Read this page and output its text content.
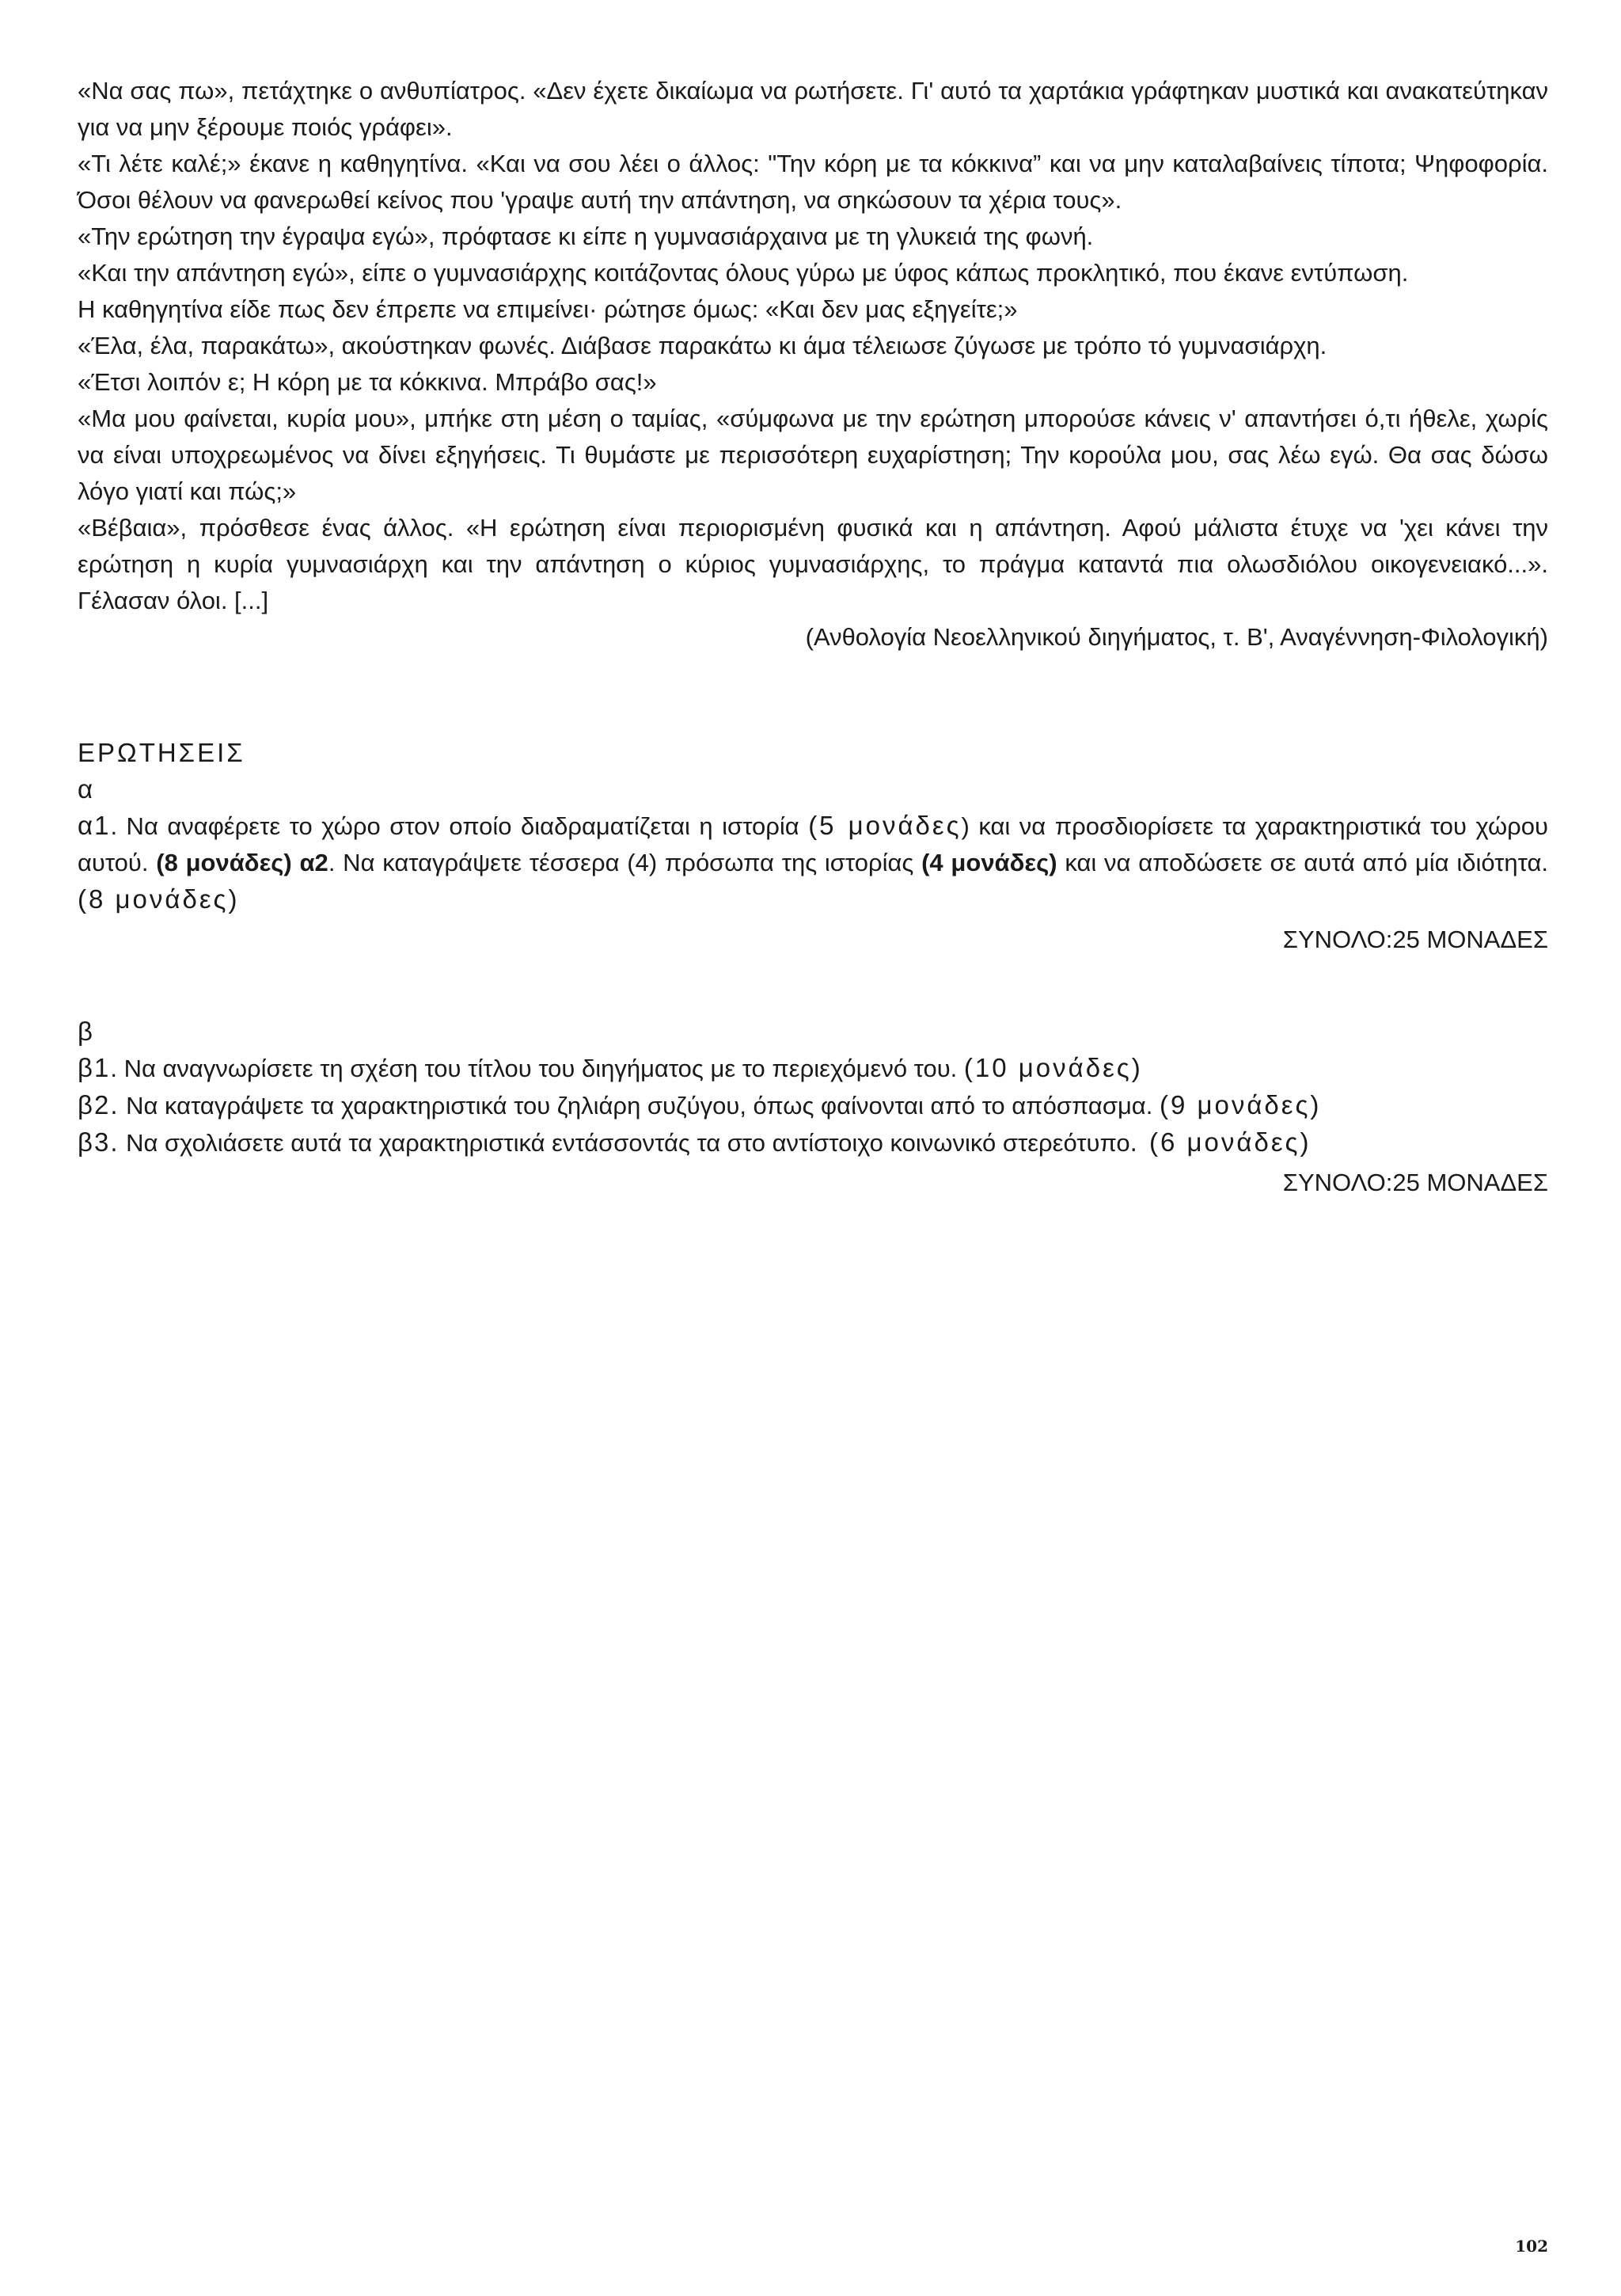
«Να σας πω», πετάχτηκε ο ανθυπίατρος. «Δεν έχετε δικαίωμα να ρωτήσετε. Γι' αυτό τα χαρτάκια γράφτηκαν μυστικά και ανακατεύτηκαν για να μην ξέρουμε ποιός γράφει».

«Τι λέτε καλέ;» έκανε η καθηγητίνα. «Και να σου λέει ο άλλος: "Την κόρη με τα κόκκινα” και να μην καταλαβαίνεις τίποτα; Ψηφοφορία. Όσοι θέλουν να φανερωθεί κείνος που 'γραψε αυτή την απάντηση, να σηκώσουν τα χέρια τους».

«Την ερώτηση την έγραψα εγώ», πρόφτασε κι είπε η γυμνασιάρχαινα με τη γλυκειά της φωνή.

«Και την απάντηση εγώ», είπε ο γυμνασιάρχης κοιτάζοντας όλους γύρω με ύφος κάπως προκλητικό, που έκανε εντύπωση.

Η καθηγητίνα είδε πως δεν έπρεπε να επιμείνει· ρώτησε όμως: «Και δεν μας εξηγείτε;»

«Έλα, έλα, παρακάτω», ακούστηκαν φωνές. Διάβασε παρακάτω κι άμα τέλειωσε ζύγωσε με τρόπο τό γυμνασιάρχη.

«Έτσι λοιπόν ε; Η κόρη με τα κόκκινα. Μπράβο σας!»

«Μα μου φαίνεται, κυρία μου», μπήκε στη μέση ο ταμίας, «σύμφωνα με την ερώτηση μπορούσε κάνεις ν' απαντήσει ό,τι ήθελε, χωρίς να είναι υποχρεωμένος να δίνει εξηγήσεις. Τι θυμάστε με περισσότερη ευχαρίστηση; Την κορούλα μου, σας λέω εγώ. Θα σας δώσω λόγο γιατί και πώς;»

«Βέβαια», πρόσθεσε ένας άλλος. «Η ερώτηση είναι περιορισμένη φυσικά και η απάντηση. Αφού μάλιστα έτυχε να 'χει κάνει την ερώτηση η κυρία γυμνασιάρχη και την απάντηση ο κύριος γυμνασιάρχης, το πράγμα καταντά πια ολωσδιόλου οικογενειακό...». Γέλασαν όλοι. [...]

(Ανθολογία Νεοελληνικού διηγήματος, τ. Β', Αναγέννηση-Φιλολογική)

ΕΡΩΤΗΣΕΙΣ

α

α1. Να αναφέρετε το χώρο στον οποίο διαδραματίζεται η ιστορία (5 μονάδες) και να προσδιορίσετε τα χαρακτηριστικά του χώρου αυτού. (8 μονάδες) α2. Να καταγράψετε τέσσερα (4) πρόσωπα της ιστορίας (4 μονάδες) και να αποδώσετε σε αυτά από μία ιδιότητα. (8 μονάδες)

ΣΥΝΟΛΟ:25 ΜΟΝΑΔΕΣ

β

β1. Να αναγνωρίσετε τη σχέση του τίτλου του διηγήματος με το περιεχόμενό του. (10 μονάδες)

β2. Να καταγράψετε τα χαρακτηριστικά του ζηλιάρη συζύγου, όπως φαίνονται από το απόσπασμα. (9 μονάδες)

β3. Να σχολιάσετε αυτά τα χαρακτηριστικά εντάσσοντάς τα στο αντίστοιχο κοινωνικό στερεότυπο. (6 μονάδες)

ΣΥΝΟΛΟ:25 ΜΟΝΑΔΕΣ

102
